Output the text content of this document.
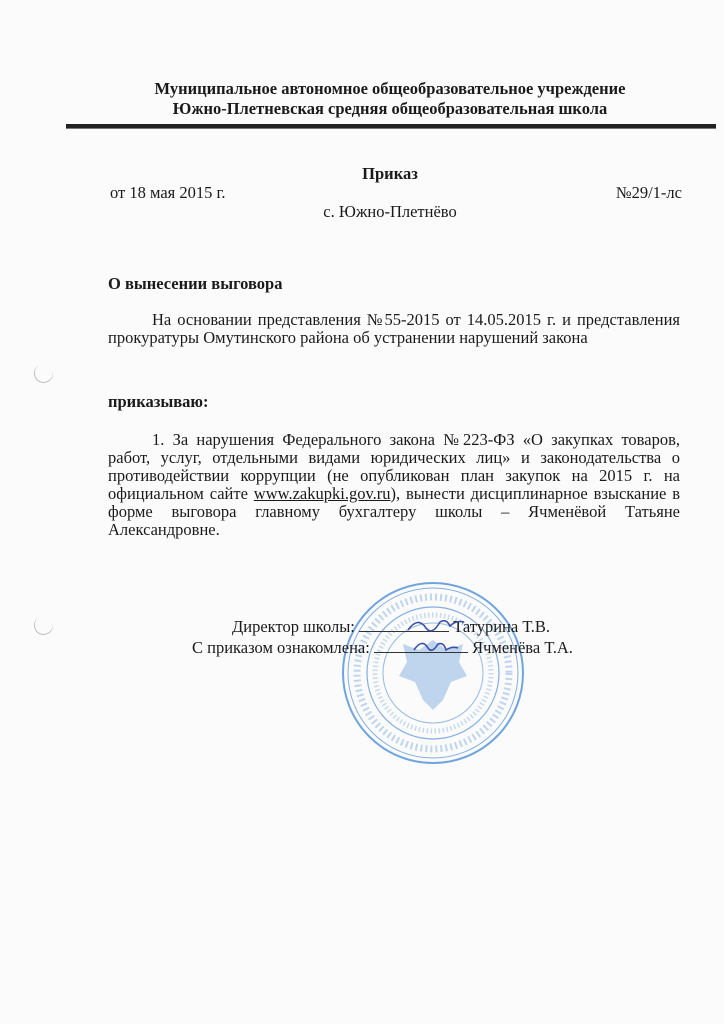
Муниципальное автономное общеобразовательное учреждение
Южно-Плетневская средняя общеобразовательная школа
Приказ
от 18 мая 2015 г.	№29/1-лс
с. Южно-Плетнёво
О вынесении выговора

На основании представления №55-2015 от 14.05.2015 г. и представления прокуратуры Омутинского района об устранении нарушений закона

приказываю:

1. За нарушения Федерального закона №223-ФЗ «О закупках товаров, работ, услуг, отдельными видами юридических лиц» и законодательства о противодействии коррупции (не опубликован план закупок на 2015 г. на официальном сайте www.zakupki.gov.ru), вынести дисциплинарное взыскание в форме выговора главному бухгалтеру школы – Ячменёвой Татьяне Александровне.

Директор школы:	Татурина Т.В.
С приказом ознакомлена:	Ячменёва Т.А.
